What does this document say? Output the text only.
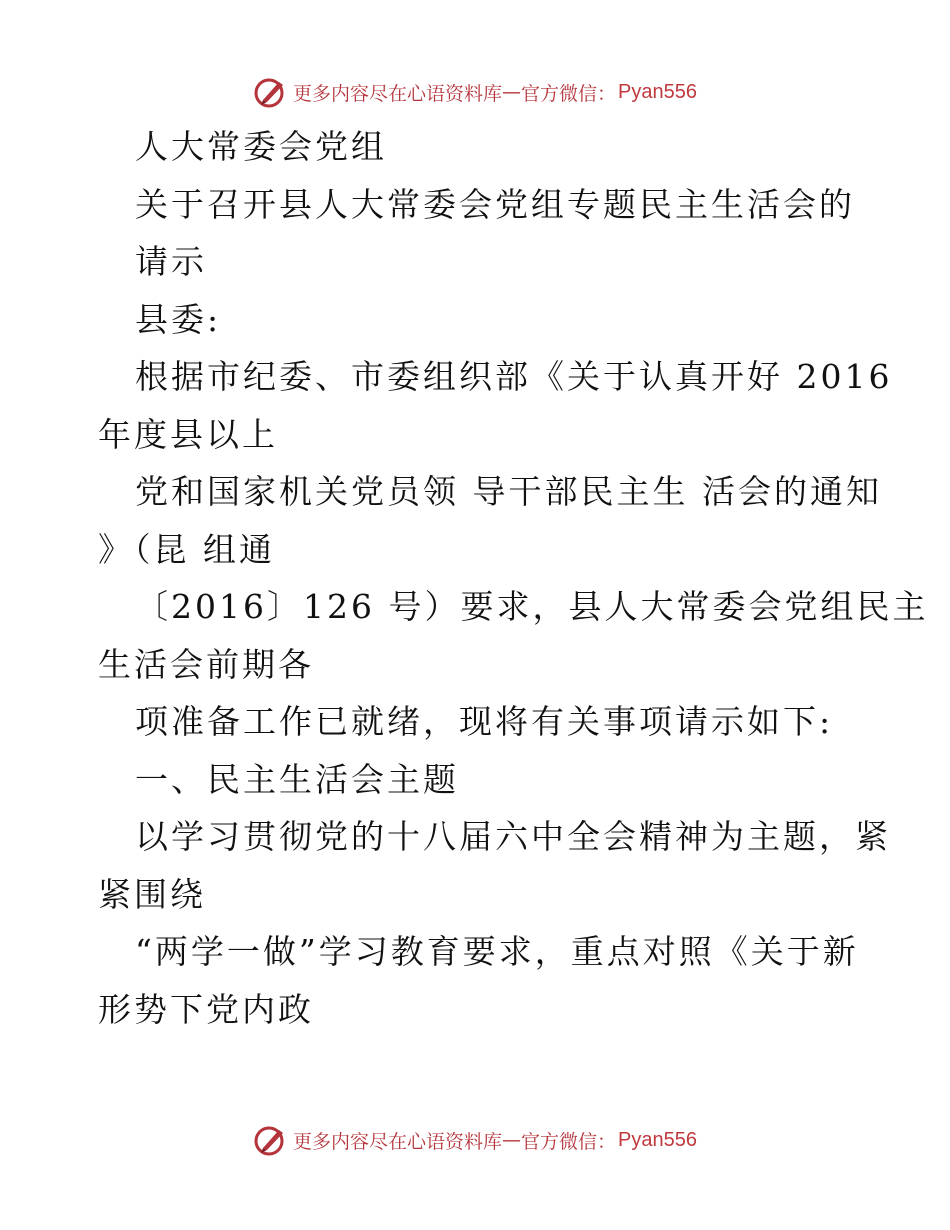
更多内容尽在心语资料库 — 官方微信： Pyan556
人大常委会党组
关于召开县人大常委会党组专题民主生活会的
请示
县委:
根据市纪委、市委组织部《关于认真开好 2016
年度县以上
党和国家机关党员领 导干部民主生 活会的通知
》（昆 组通
〔2016〕126 号）要求，县人大常委会党组民主
生活会前期各
项准备工作已就绪，现将有关事项请示如下:
一、民主生活会主题
以学习贯彻党的十八届六中全会精神为主题，紧
紧围绕
“两学一做”学习教育要求，重点对照《关于新
形势下党内政
更多内容尽在心语资料库 — 官方微信： Pyan556
